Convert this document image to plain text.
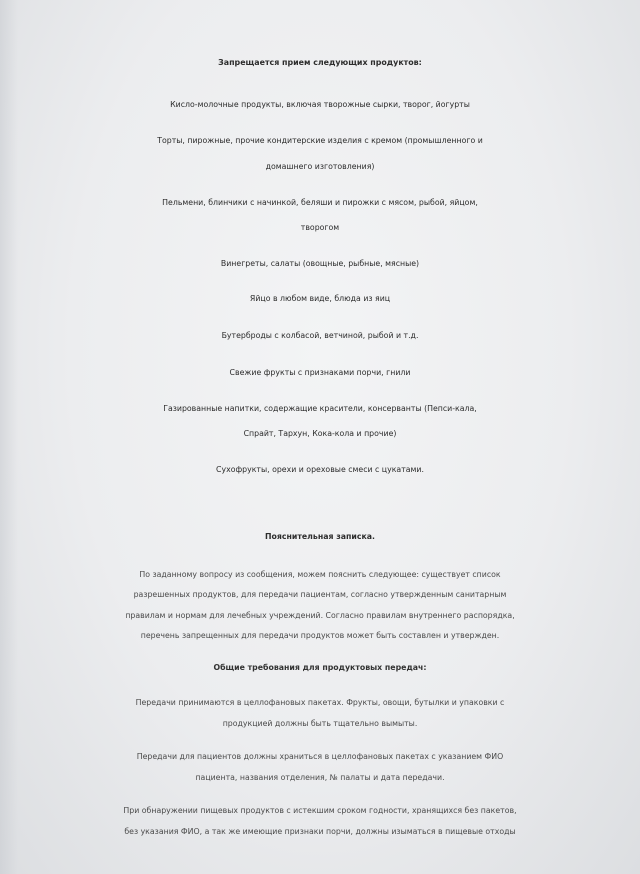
Запрещается прием следующих продуктов:
Кисло-молочные продукты, включая творожные сырки, творог, йогурты
Торты, пирожные, прочие кондитерские изделия с кремом (промышленного и
домашнего изготовления)
Пельмени, блинчики с начинкой, беляши и пирожки с мясом, рыбой, яйцом,
творогом
Винегреты, салаты (овощные, рыбные, мясные)
Яйцо в любом виде, блюда из яиц
Бутерброды с колбасой, ветчиной, рыбой и т.д.
Свежие фрукты с признаками порчи, гнили
Газированные напитки, содержащие красители, консерванты (Пепси-кала,
Спрайт, Тархун, Кока-кола и прочие)
Сухофрукты, орехи и ореховые смеси с цукатами.
Пояснительная записка.
По заданному вопросу из сообщения, можем пояснить следующее: существует список
разрешенных продуктов, для передачи пациентам, согласно утвержденным санитарным
правилам и нормам для лечебных учреждений. Согласно правилам внутреннего распорядка,
перечень запрещенных для передачи продуктов может быть составлен и утвержден.
Общие требования для продуктовых передач:
Передачи принимаются в целлофановых пакетах. Фрукты, овощи, бутылки и упаковки с
продукцией должны быть тщательно вымыты.
Передачи для пациентов должны храниться в целлофановых пакетах с указанием ФИО
пациента, названия отделения, № палаты и дата передачи.
При обнаружении пищевых продуктов с истекшим сроком годности, хранящихся без пакетов,
без указания ФИО, а так же имеющие признаки порчи, должны изыматься в пищевые отходы
